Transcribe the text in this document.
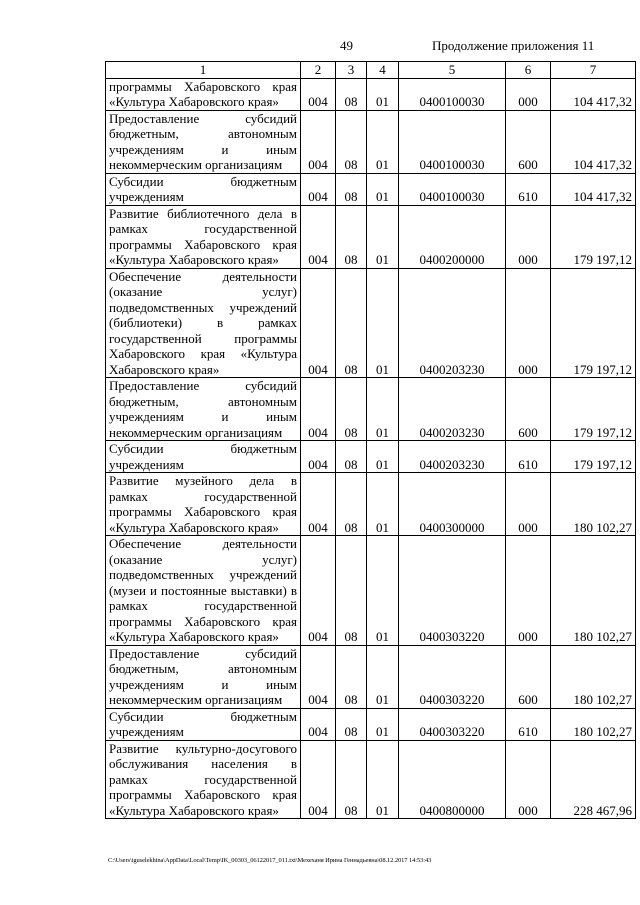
49	Продолжение приложения 11
1	2	3	4	5	6	7
программы Хабаровского края «Культура Хабаровского края»	004	08	01	0400100030	000	104 417,32
Предоставление субсидий бюджетным, автономным учреждениям и иным некоммерческим организациям	004	08	01	0400100030	600	104 417,32
Субсидии бюджетным учреждениям	004	08	01	0400100030	610	104 417,32
Развитие библиотечного дела в рамках государственной программы Хабаровского края «Культура Хабаровского края»	004	08	01	0400200000	000	179 197,12
Обеспечение деятельности (оказание услуг) подведомственных учреждений (библиотеки) в рамках государственной программы Хабаровского края «Культура Хабаровского края»	004	08	01	0400203230	000	179 197,12
Предоставление субсидий бюджетным, автономным учреждениям и иным некоммерческим организациям	004	08	01	0400203230	600	179 197,12
Субсидии бюджетным учреждениям	004	08	01	0400203230	610	179 197,12
Развитие музейного дела в рамках государственной программы Хабаровского края «Культура Хабаровского края»	004	08	01	0400300000	000	180 102,27
Обеспечение деятельности (оказание услуг) подведомственных учреждений (музеи и постоянные выставки) в рамках государственной программы Хабаровского края «Культура Хабаровского края»	004	08	01	0400303220	000	180 102,27
Предоставление субсидий бюджетным, автономным учреждениям и иным некоммерческим организациям	004	08	01	0400303220	600	180 102,27
Субсидии бюджетным учреждениям	004	08	01	0400303220	610	180 102,27
Развитие культурно-досугового обслуживания населения в рамках государственной программы Хабаровского края «Культура Хабаровского края»	004	08	01	0400800000	000	228 467,96
C:\Users\iguselekhina\AppData\Local\Temp\IK_00303_06122017_011.txt\Мехеханя Ирина Геннадьевна\08.12.2017 14:53:43
